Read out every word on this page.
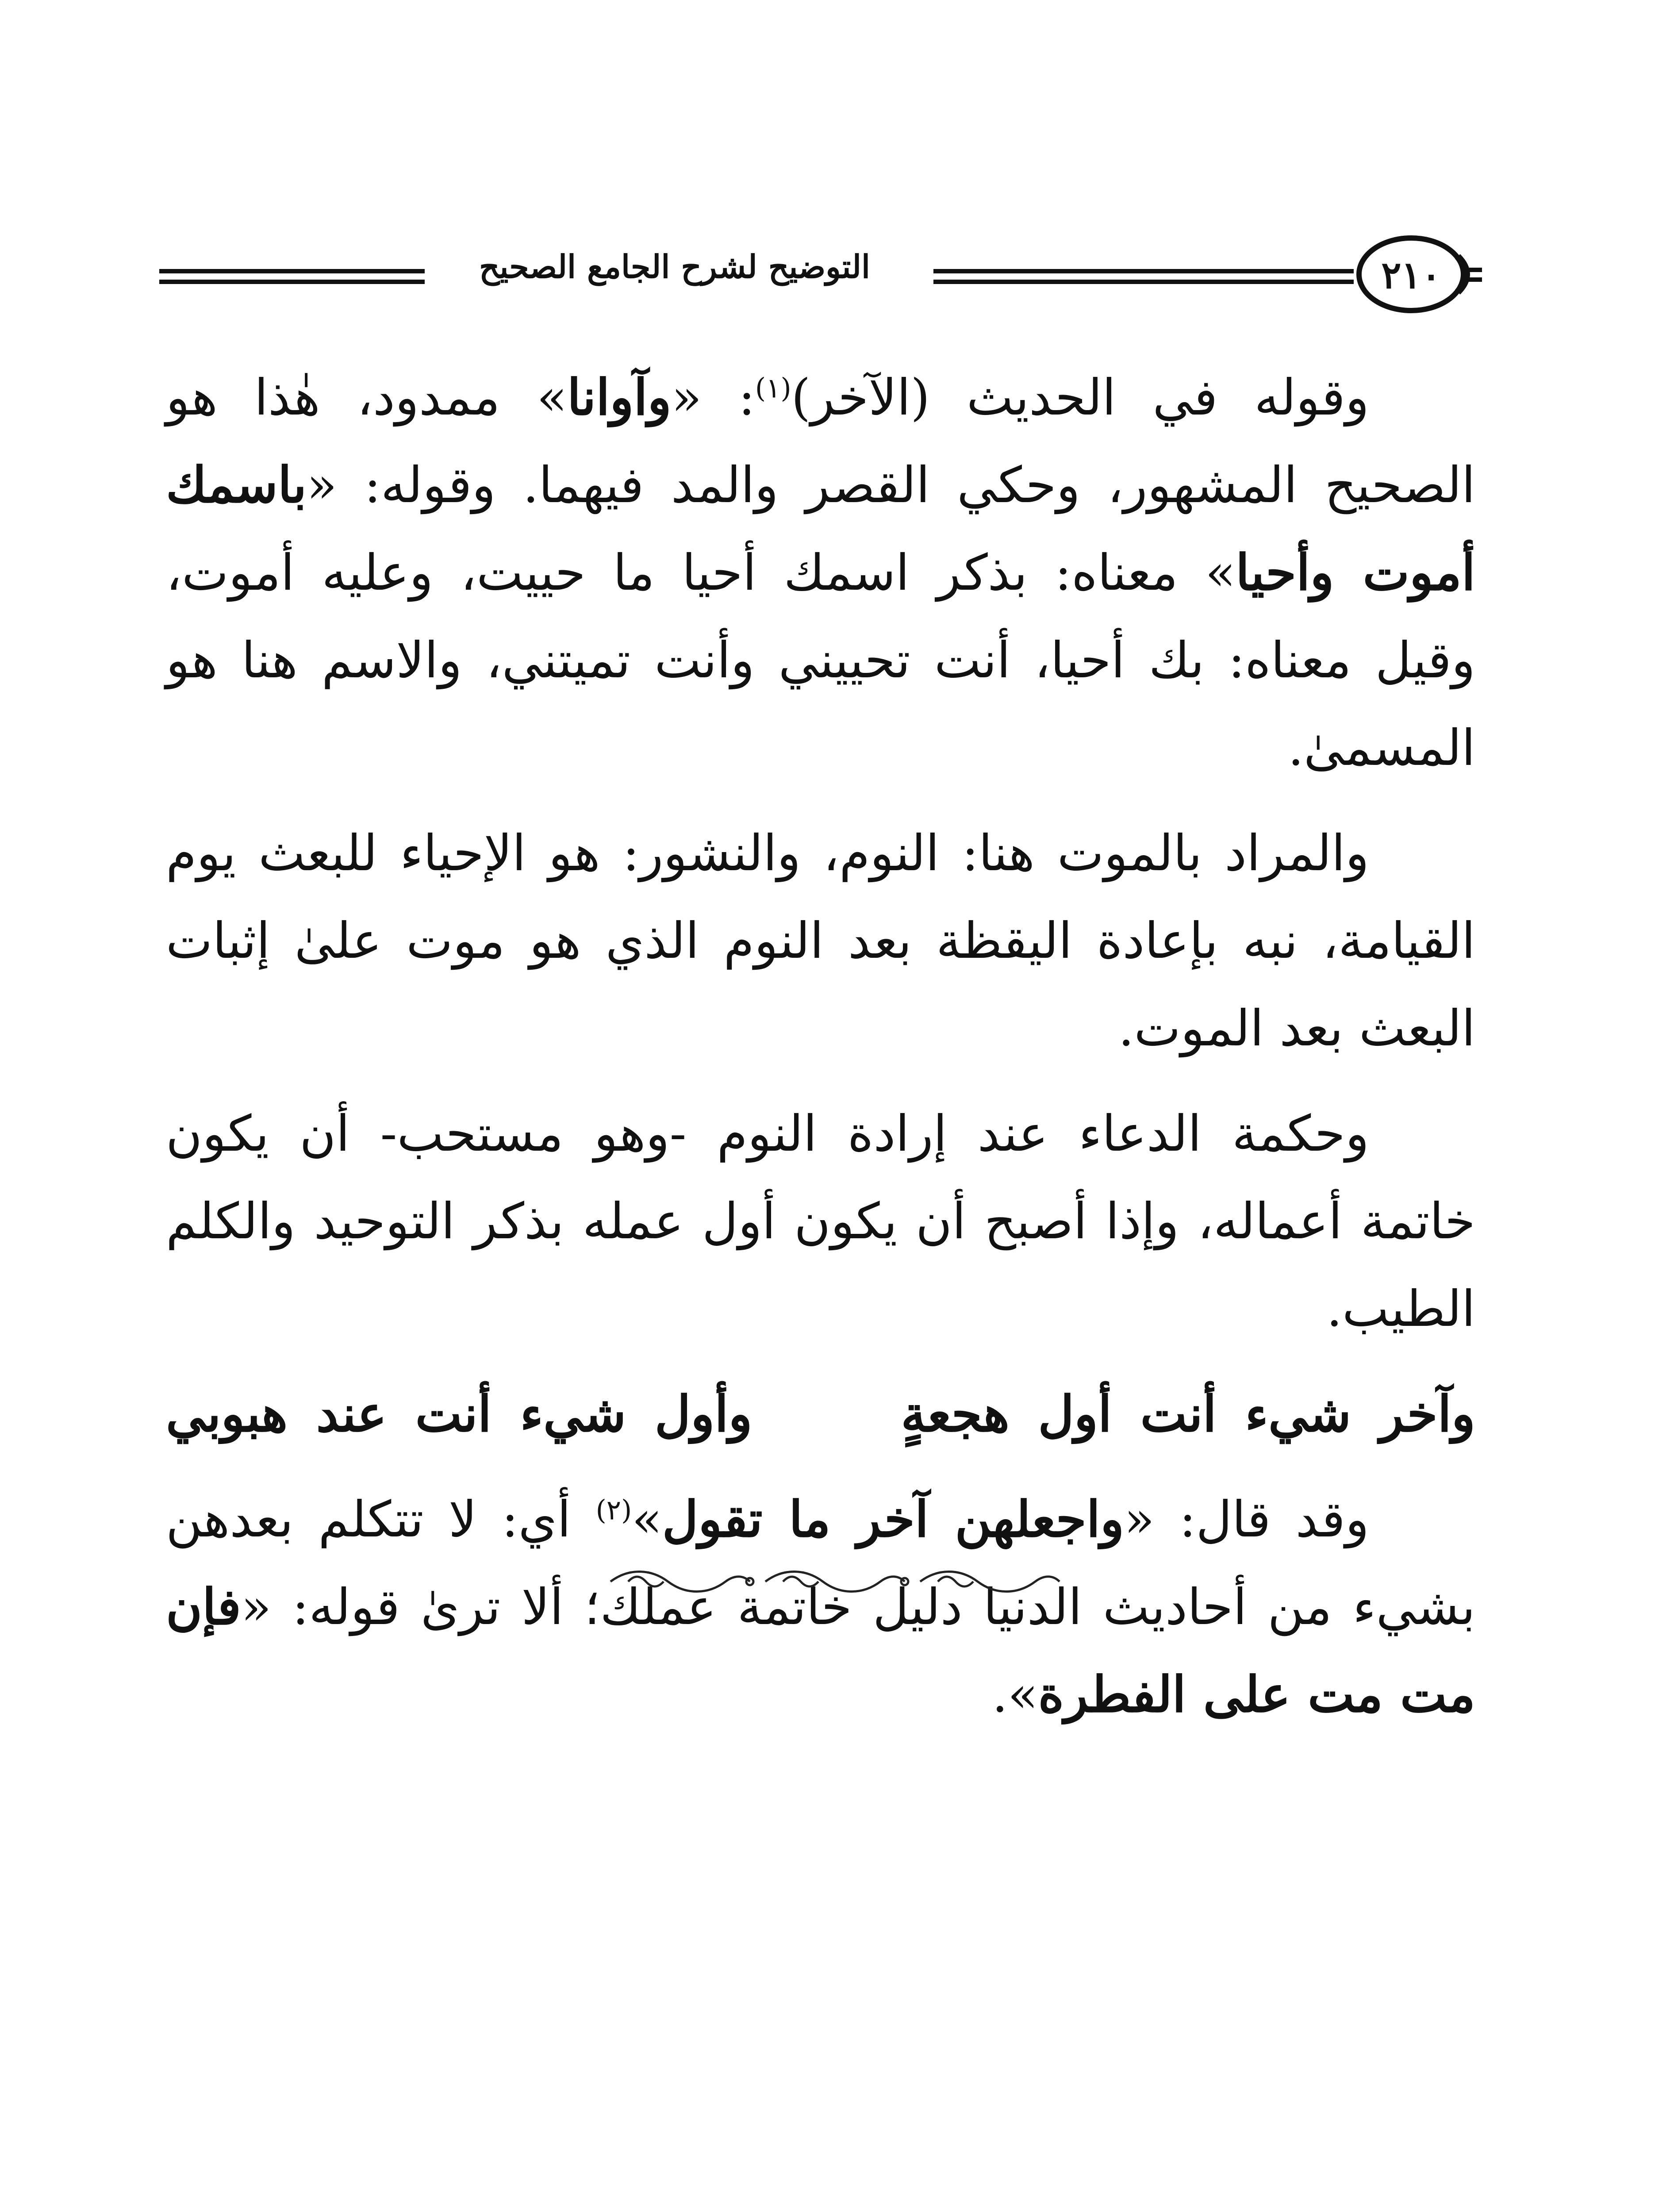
٢١٠
التوضيح لشرح الجامع الصحيح

وقوله في الحديث (الآخر)$^{(١)}$: «وآوانا» ممدود، هٰذا هو الصحيح المشهور، وحكي القصر والمد فيهما. وقوله: «باسمك أموت وأحيا» معناه: بذكر اسمك أحيا ما حييت، وعليه أموت، وقيل معناه: بك أحيا، أنت تحييني وأنت تميتني، والاسم هنا هو المسمىٰ.

والمراد بالموت هنا: النوم، والنشور: هو الإحياء للبعث يوم القيامة، نبه بإعادة اليقظة بعد النوم الذي هو موت علىٰ إثبات البعث بعد الموت.

وحكمة الدعاء عند إرادة النوم -وهو مستحب- أن يكون خاتمة أعماله، وإذا أصبح أن يكون أول عمله بذكر التوحيد والكلم الطيب.

وآخر شيء أنت أول هجعةٍ   وأول شيء أنت عند هبوبي

وقد قال: «واجعلهن آخر ما تقول»$^{(٢)}$ أي: لا تتكلم بعدهن بشيء من أحاديث الدنيا دليل خاتمة عملك؛ ألا ترىٰ قوله: «فإن مت مت على الفطرة».
